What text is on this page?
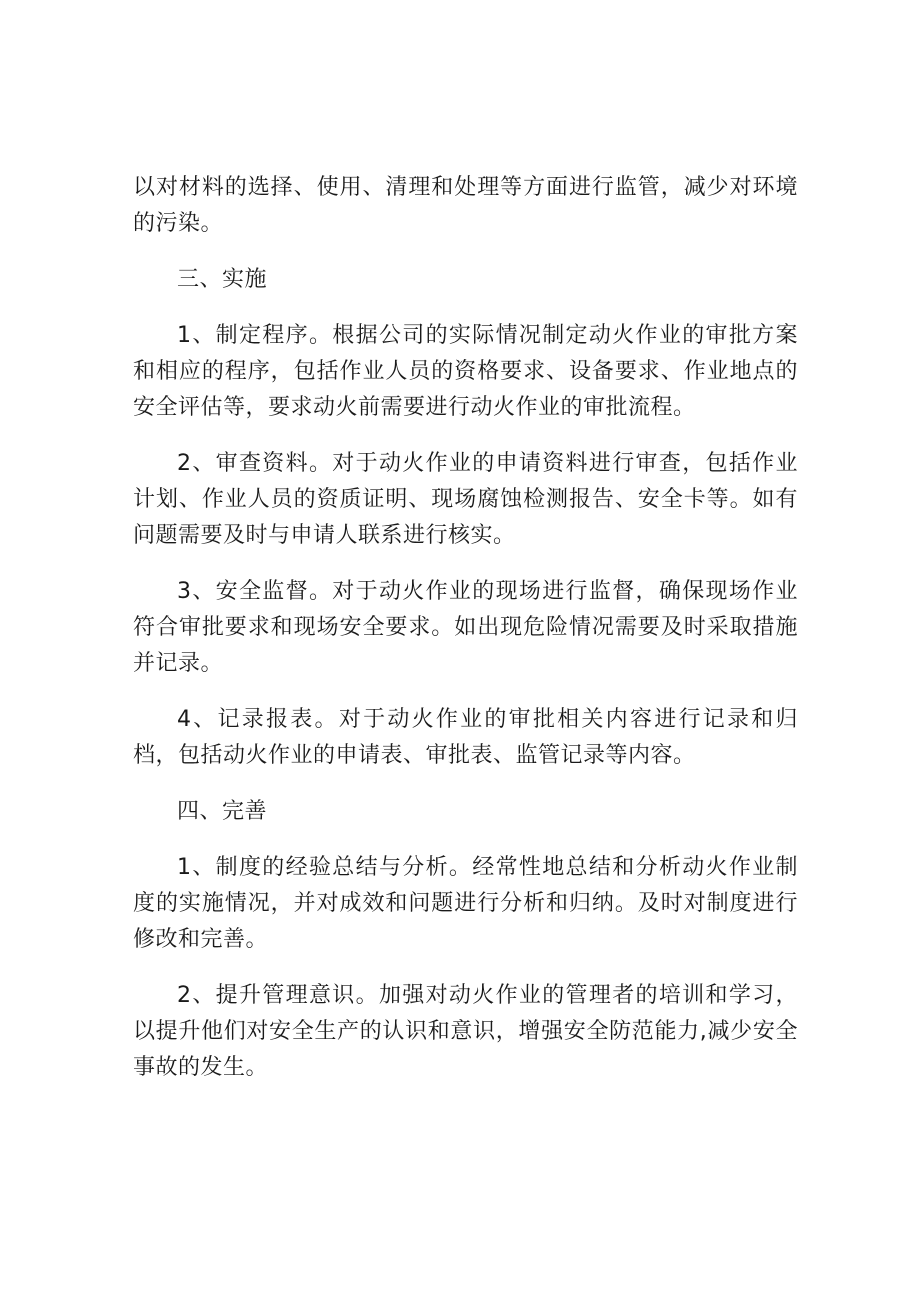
以对材料的选择、使用、清理和处理等方面进行监管，减少对环境的污染。

三、实施

1、制定程序。根据公司的实际情况制定动火作业的审批方案和相应的程序，包括作业人员的资格要求、设备要求、作业地点的安全评估等，要求动火前需要进行动火作业的审批流程。

2、审查资料。对于动火作业的申请资料进行审查，包括作业计划、作业人员的资质证明、现场腐蚀检测报告、安全卡等。如有问题需要及时与申请人联系进行核实。

3、安全监督。对于动火作业的现场进行监督，确保现场作业符合审批要求和现场安全要求。如出现危险情况需要及时采取措施并记录。

4、记录报表。对于动火作业的审批相关内容进行记录和归档，包括动火作业的申请表、审批表、监管记录等内容。

四、完善

1、制度的经验总结与分析。经常性地总结和分析动火作业制度的实施情况，并对成效和问题进行分析和归纳。及时对制度进行修改和完善。

2、提升管理意识。加强对动火作业的管理者的培训和学习，以提升他们对安全生产的认识和意识，增强安全防范能力,减少安全事故的发生。
